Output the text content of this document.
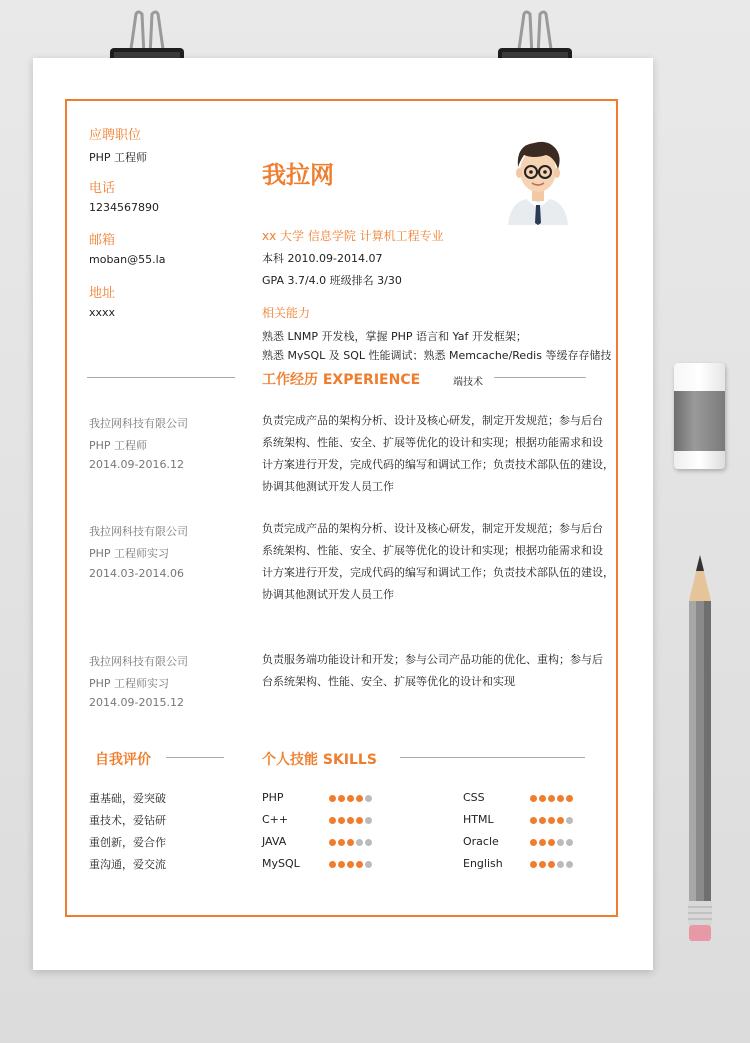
应聘职位
PHP 工程师
电话
1234567890
邮箱
moban@55.la
地址
xxxx
我拉网
xx 大学 信息学院 计算机工程专业
本科 2010.09-2014.07
GPA 3.7/4.0 班级排名 3/30
相关能力
熟悉 LNMP 开发栈，掌握 PHP 语言和 Yaf 开发框架；
熟悉 MySQL 及 SQL 性能调试；熟悉 Memcache/Redis 等缓存存储技
工作经历 EXPERIENCE	端技术
我拉网科技有限公司
PHP 工程师
2014.09-2016.12
负责完成产品的架构分析、设计及核心研发，制定开发规范；参与后台
系统架构、性能、安全、扩展等优化的设计和实现；根据功能需求和设
计方案进行开发，完成代码的编写和调试工作；负责技术部队伍的建设，
协调其他测试开发人员工作
我拉网科技有限公司
PHP 工程师实习
2014.03-2014.06
负责完成产品的架构分析、设计及核心研发，制定开发规范；参与后台
系统架构、性能、安全、扩展等优化的设计和实现；根据功能需求和设
计方案进行开发，完成代码的编写和调试工作；负责技术部队伍的建设，
协调其他测试开发人员工作
我拉网科技有限公司
PHP 工程师实习
2014.09-2015.12
负责服务端功能设计和开发；参与公司产品功能的优化、重构；参与后
台系统架构、性能、安全、扩展等优化的设计和实现
自我评价
重基础，爱突破
重技术，爱钻研
重创新，爱合作
重沟通，爱交流
个人技能 SKILLS
PHP
C++
JAVA
MySQL
CSS
HTML
Oracle
English
